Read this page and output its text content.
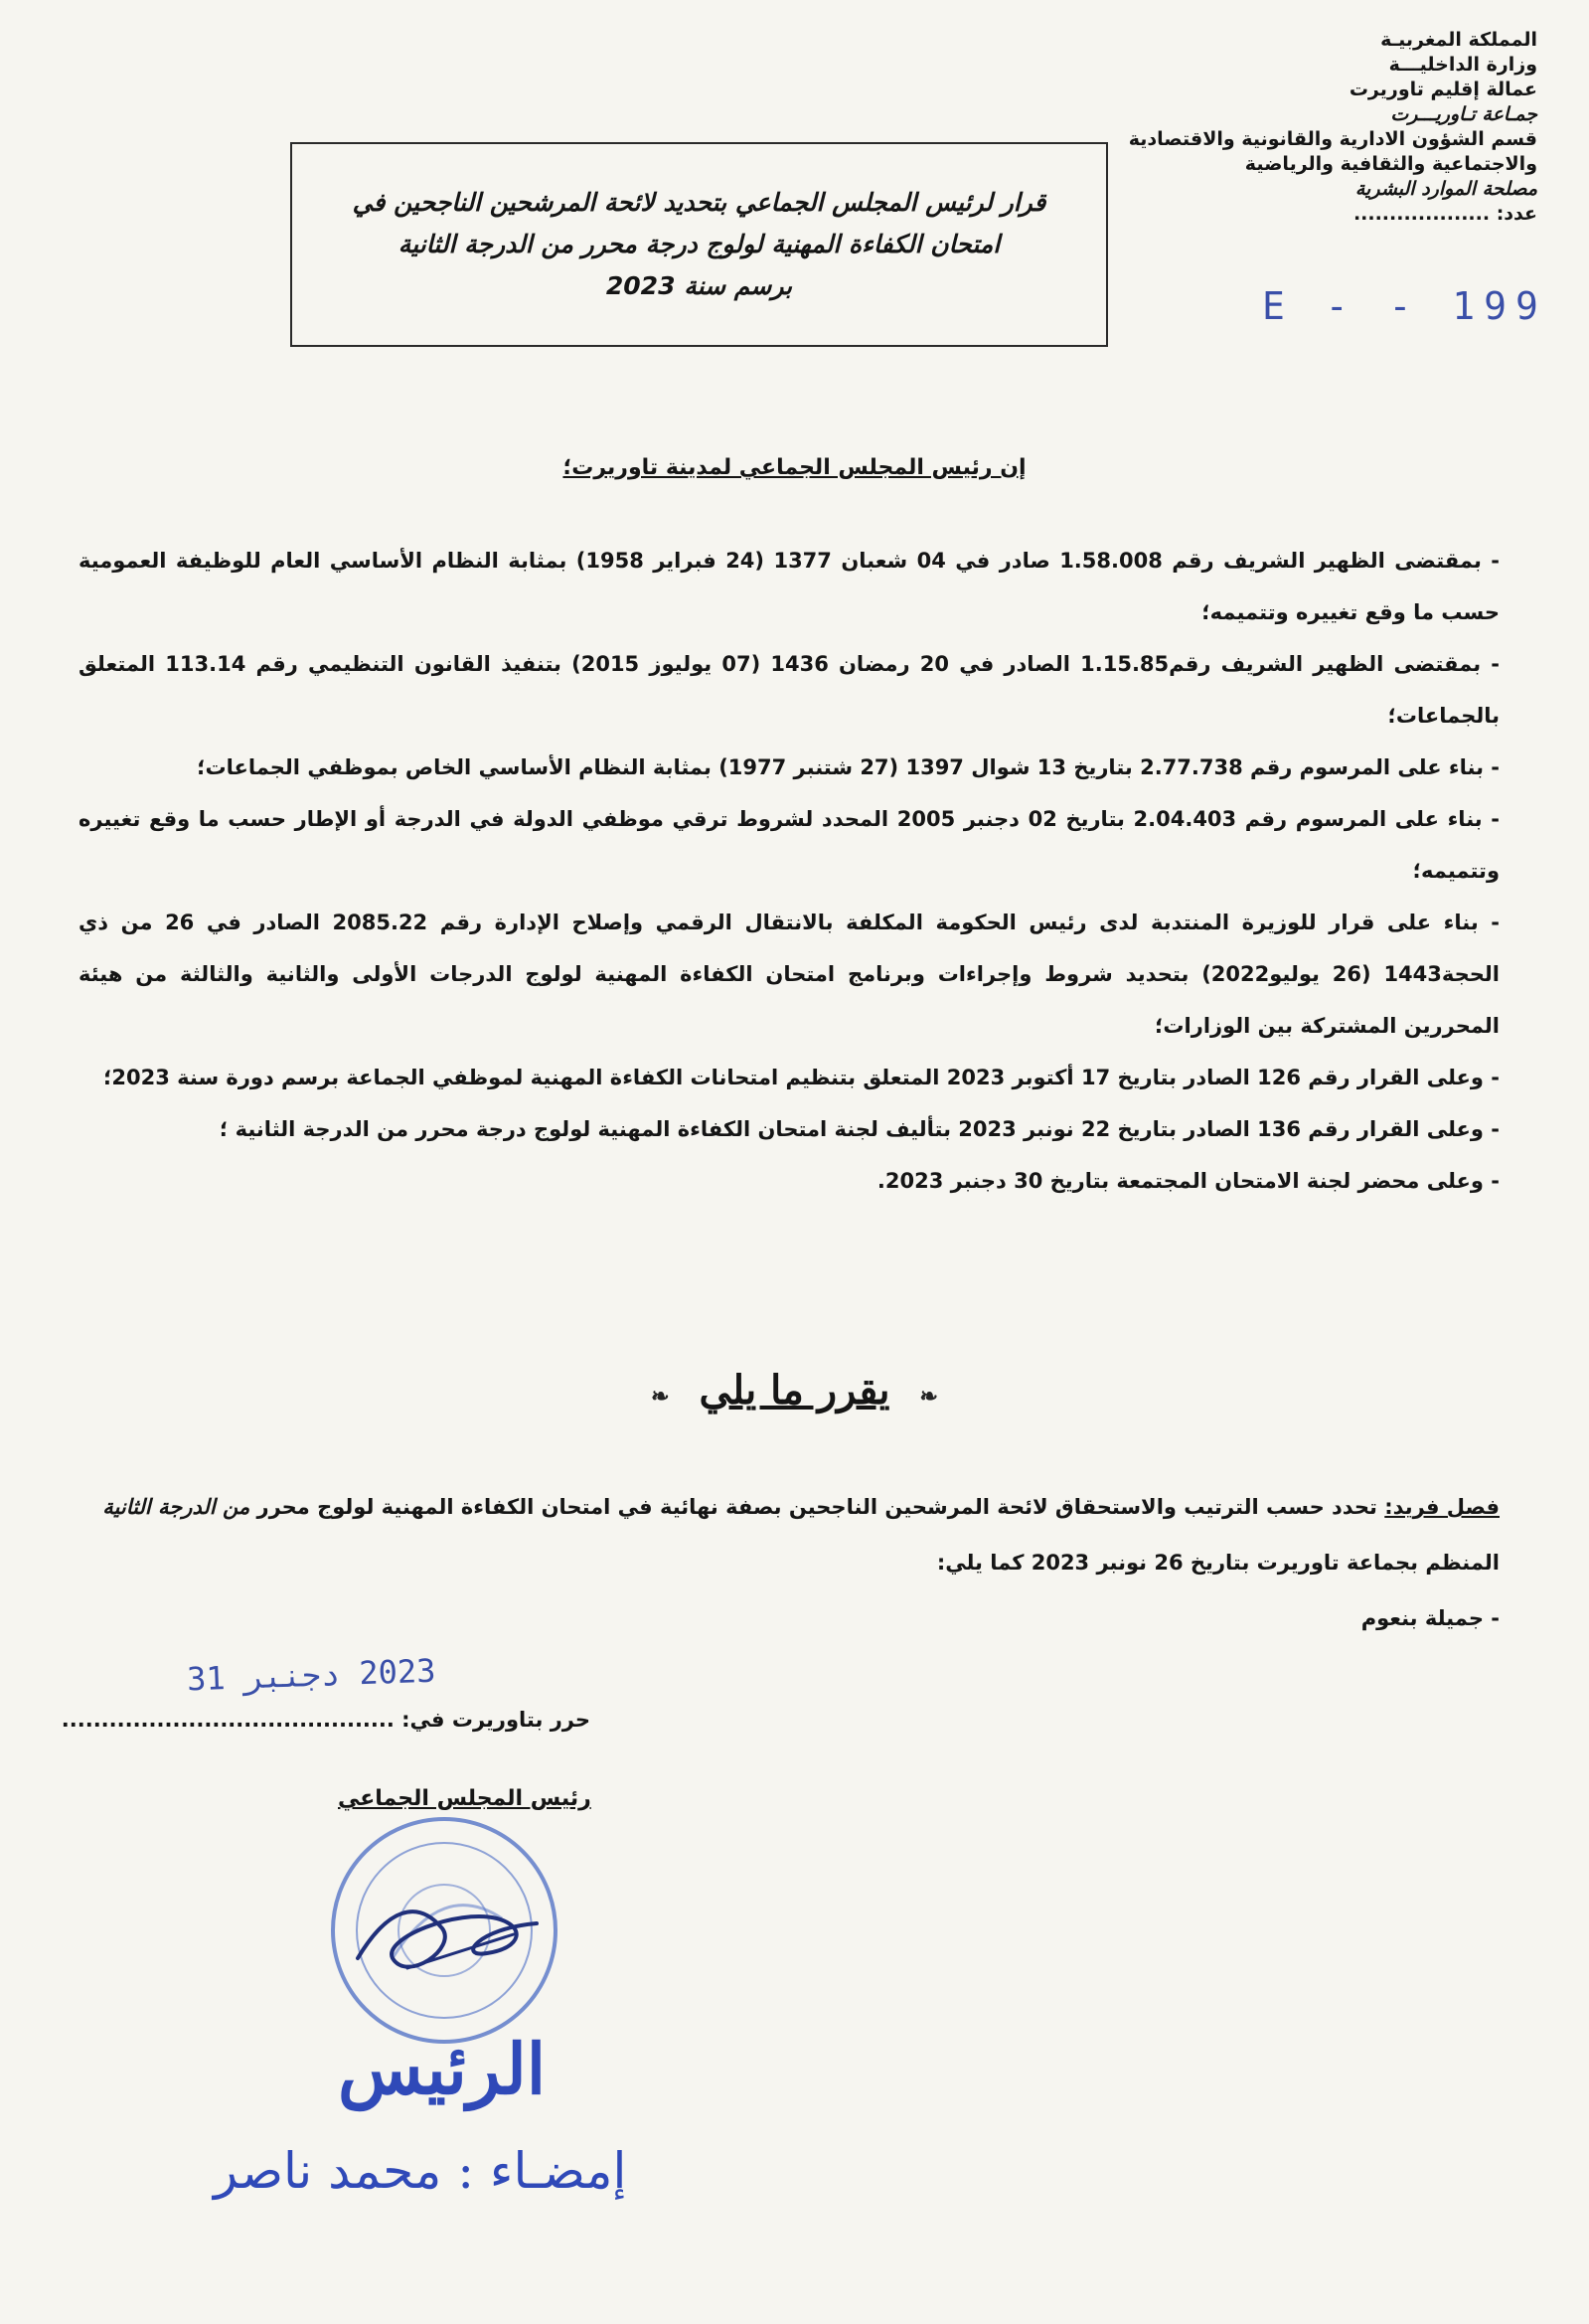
المملكة المغربيـة
وزارة الداخليـــة
عمالة إقليم تاوريرت
جمـاعة تـاوريـــرت
قسم الشؤون الادارية والقانونية والاقتصادية
والاجتماعية والثقافية والرياضية
مصلحة الموارد البشرية
عدد: ...................
E - - 199
قرار لرئيس المجلس الجماعي بتحديد لائحة المرشحين الناجحين في
امتحان الكفاءة المهنية لولوج درجة محرر من الدرجة الثانية
برسم سنة 2023
إن رئيس المجلس الجماعي لمدينة تاوريرت؛

- بمقتضى الظهير الشريف رقم 1.58.008 صادر في 04 شعبان 1377 (24 فبراير 1958) بمثابة النظام الأساسي العام للوظيفة العمومية حسب ما وقع تغييره وتتميمه؛

- بمقتضى الظهير الشريف رقم1.15.85 الصادر في 20 رمضان 1436 (07 يوليوز 2015) بتنفيذ القانون التنظيمي رقم 113.14 المتعلق بالجماعات؛

- بناء على المرسوم رقم 2.77.738 بتاريخ 13 شوال 1397 (27 شتنبر 1977) بمثابة النظام الأساسي الخاص بموظفي الجماعات؛

- بناء على المرسوم رقم 2.04.403 بتاريخ 02 دجنبر 2005 المحدد لشروط ترقي موظفي الدولة في الدرجة أو الإطار حسب ما وقع تغييره وتتميمه؛

- بناء على قرار للوزيرة المنتدبة لدى رئيس الحكومة المكلفة بالانتقال الرقمي وإصلاح الإدارة رقم 2085.22 الصادر في 26 من ذي الحجة1443 (26 يوليو2022) بتحديد شروط وإجراءات وبرنامج امتحان الكفاءة المهنية لولوج الدرجات الأولى والثانية والثالثة من هيئة المحررين المشتركة بين الوزارات؛

- وعلى القرار رقم 126 الصادر بتاريخ 17 أكتوبر 2023 المتعلق بتنظيم امتحانات الكفاءة المهنية لموظفي الجماعة برسم دورة سنة 2023؛

- وعلى القرار رقم 136 الصادر بتاريخ 22 نونبر 2023 بتأليف لجنة امتحان الكفاءة المهنية لولوج درجة محرر من الدرجة الثانية ؛

- وعلى محضر لجنة الامتحان المجتمعة بتاريخ 30 دجنبر 2023.

❧يقرر ما يلي❧

فصل فريد: تحدد حسب الترتيب والاستحقاق لائحة المرشحين الناجحين بصفة نهائية في امتحان الكفاءة المهنية لولوج محرر من الدرجة الثانية

المنظم بجماعة تاوريرت بتاريخ 26 نونبر 2023 كما يلي:

- جميلة بنعوم

2023 دجنبر 31
حرر بتاوريرت في: ..........................................
رئيس المجلس الجماعي
الرئيس
إمضـاء : محمد ناصر
